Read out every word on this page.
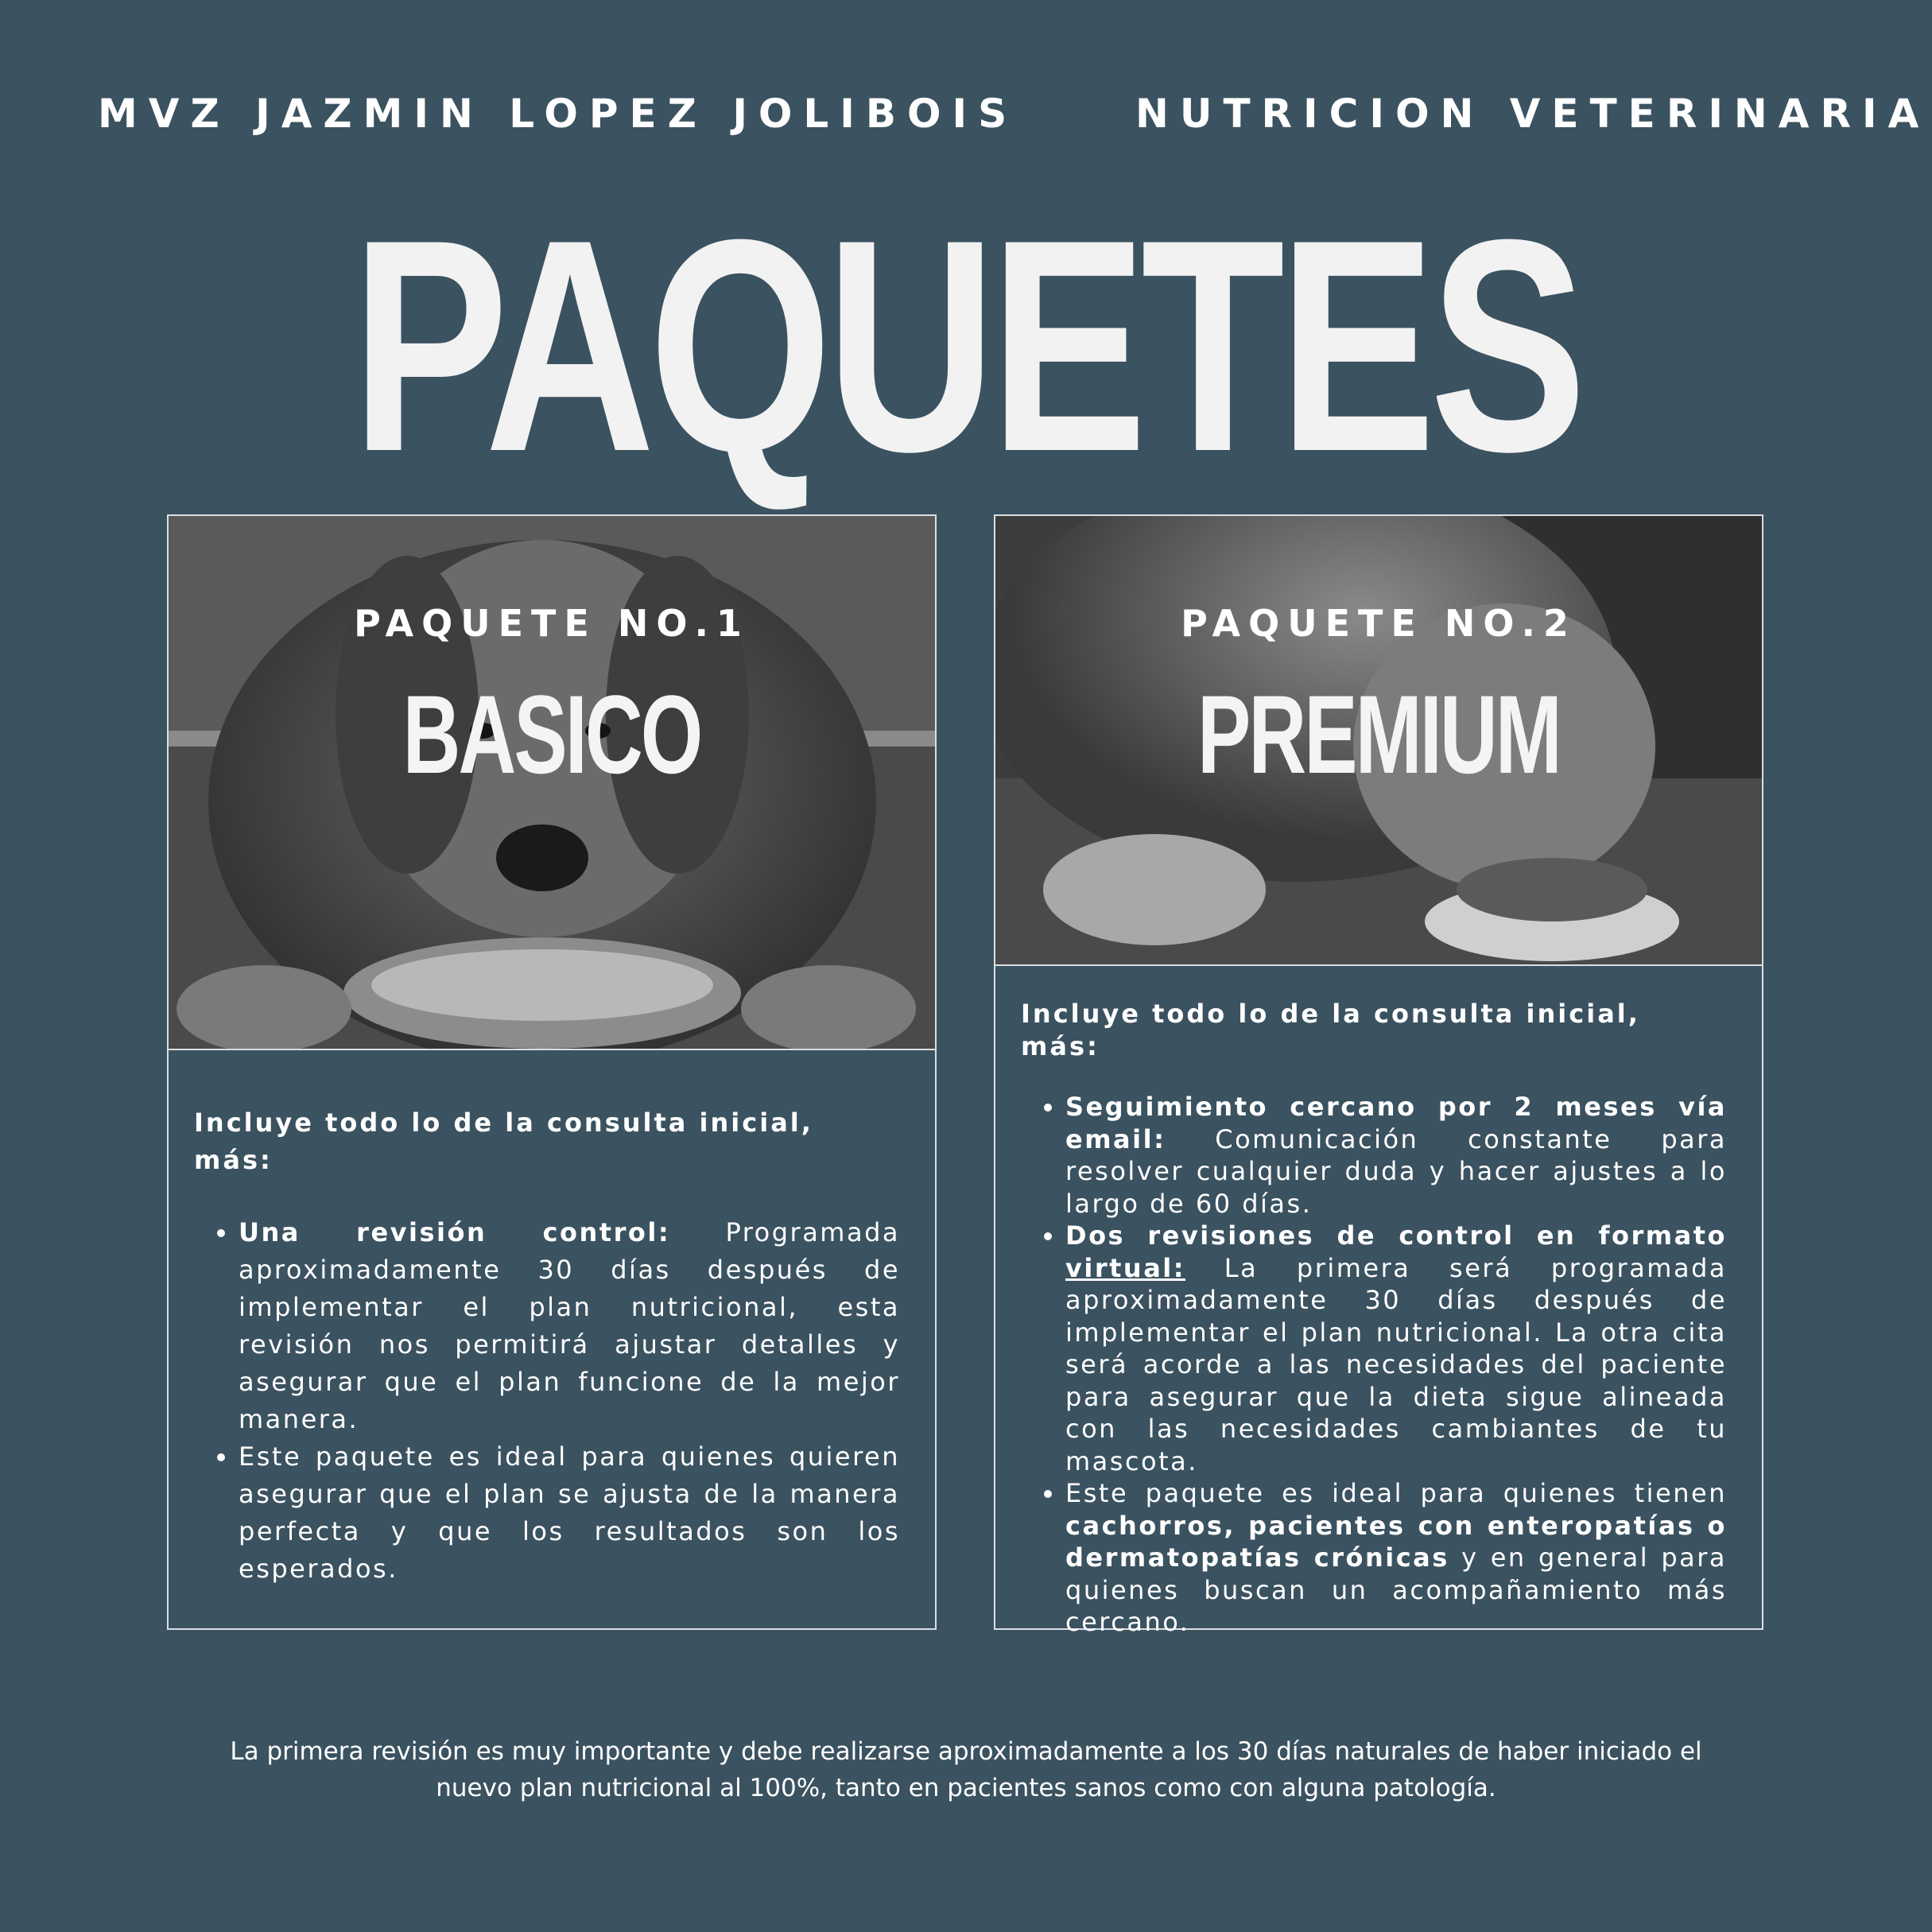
MVZ JAZMIN LOPEZ JOLIBOIS	NUTRICION VETERINARIA
PAQUETES
PAQUETE NO.1
BASICO

Incluye todo lo de la consulta inicial, más:

• Una revisión control: Programada aproximadamente 30 días después de implementar el plan nutricional, esta revisión nos permitirá ajustar detalles y asegurar que el plan funcione de la mejor manera.
• Este paquete es ideal para quienes quieren asegurar que el plan se ajusta de la manera perfecta y que los resultados son los esperados.
PAQUETE NO.2
PREMIUM

Incluye todo lo de la consulta inicial, más:

• Seguimiento cercano por 2 meses vía email: Comunicación constante para resolver cualquier duda y hacer ajustes a lo largo de 60 días.
• Dos revisiones de control en formato virtual: La primera será programada aproximadamente 30 días después de implementar el plan nutricional. La otra cita será acorde a las necesidades del paciente para asegurar que la dieta sigue alineada con las necesidades cambiantes de tu mascota.
• Este paquete es ideal para quienes tienen cachorros, pacientes con enteropatías o dermatopatías crónicas y en general para quienes buscan un acompañamiento más cercano.
La primera revisión es muy importante y debe realizarse aproximadamente a los 30 días naturales de haber iniciado el
nuevo plan nutricional al 100%, tanto en pacientes sanos como con alguna patología.
